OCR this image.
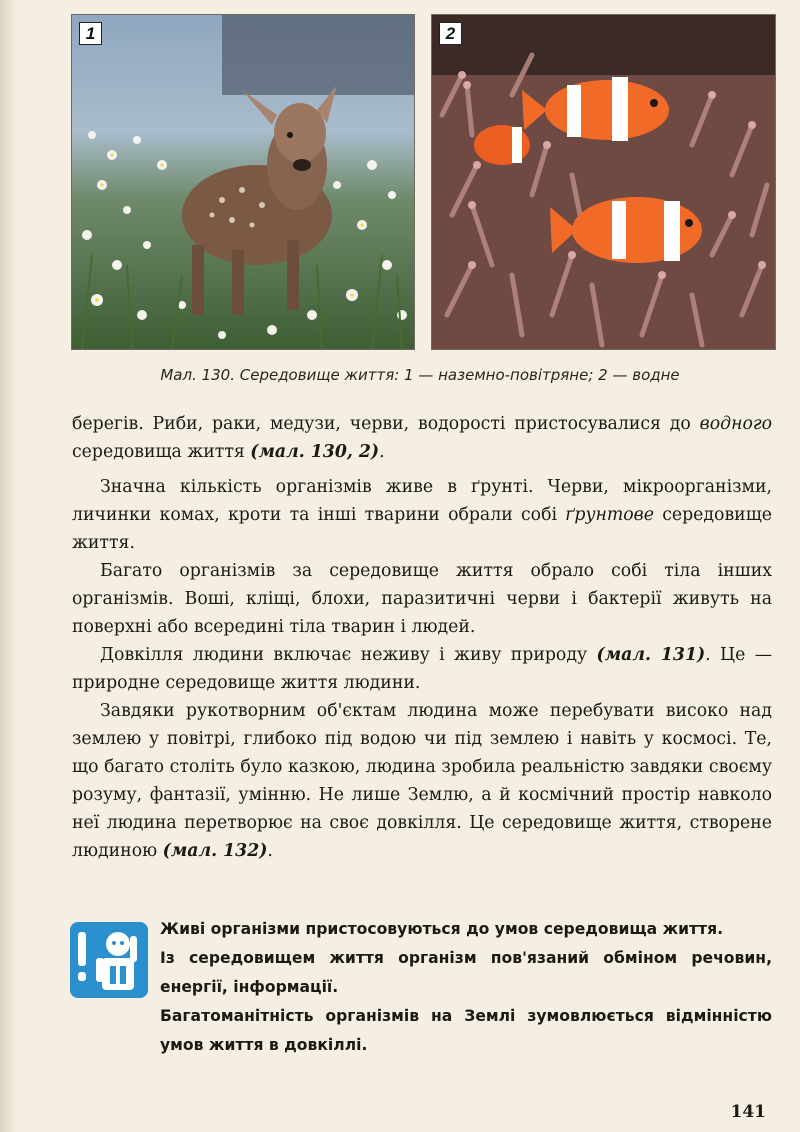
1	2
Мал. 130. Середовище життя: 1 — наземно-повітряне; 2 — водне

берегів. Риби, раки, медузи, черви, водорості пристосувалися до водного середовища життя (мал. 130, 2).

Значна кількість організмів живе в ґрунті. Черви, мікроорганізми, личинки комах, кроти та інші тварини обрали собі ґрунтове середовище життя.

Багато організмів за середовище життя обрало собі тіла інших організмів. Воші, кліщі, блохи, паразитичні черви і бактерії живуть на поверхні або всередині тіла тварин і людей.

Довкілля людини включає неживу і живу природу (мал. 131). Це — природне середовище життя людини.

Завдяки рукотворним об'єктам людина може перебувати високо над землею у повітрі, глибоко під водою чи під землею і навіть у космосі. Те, що багато століть було казкою, людина зробила реальністю завдяки своєму розуму, фантазії, умінню. Не лише Землю, а й космічний простір навколо неї людина перетворює на своє довкілля. Це середовище життя, створене людиною (мал. 132).

Живі організми пристосовуються до умов середовища життя.

Із середовищем життя організм пов'язаний обміном речовин, енергії, інформації.

Багатоманітність організмів на Землі зумовлюється відмінністю умов життя в довкіллі.

141
